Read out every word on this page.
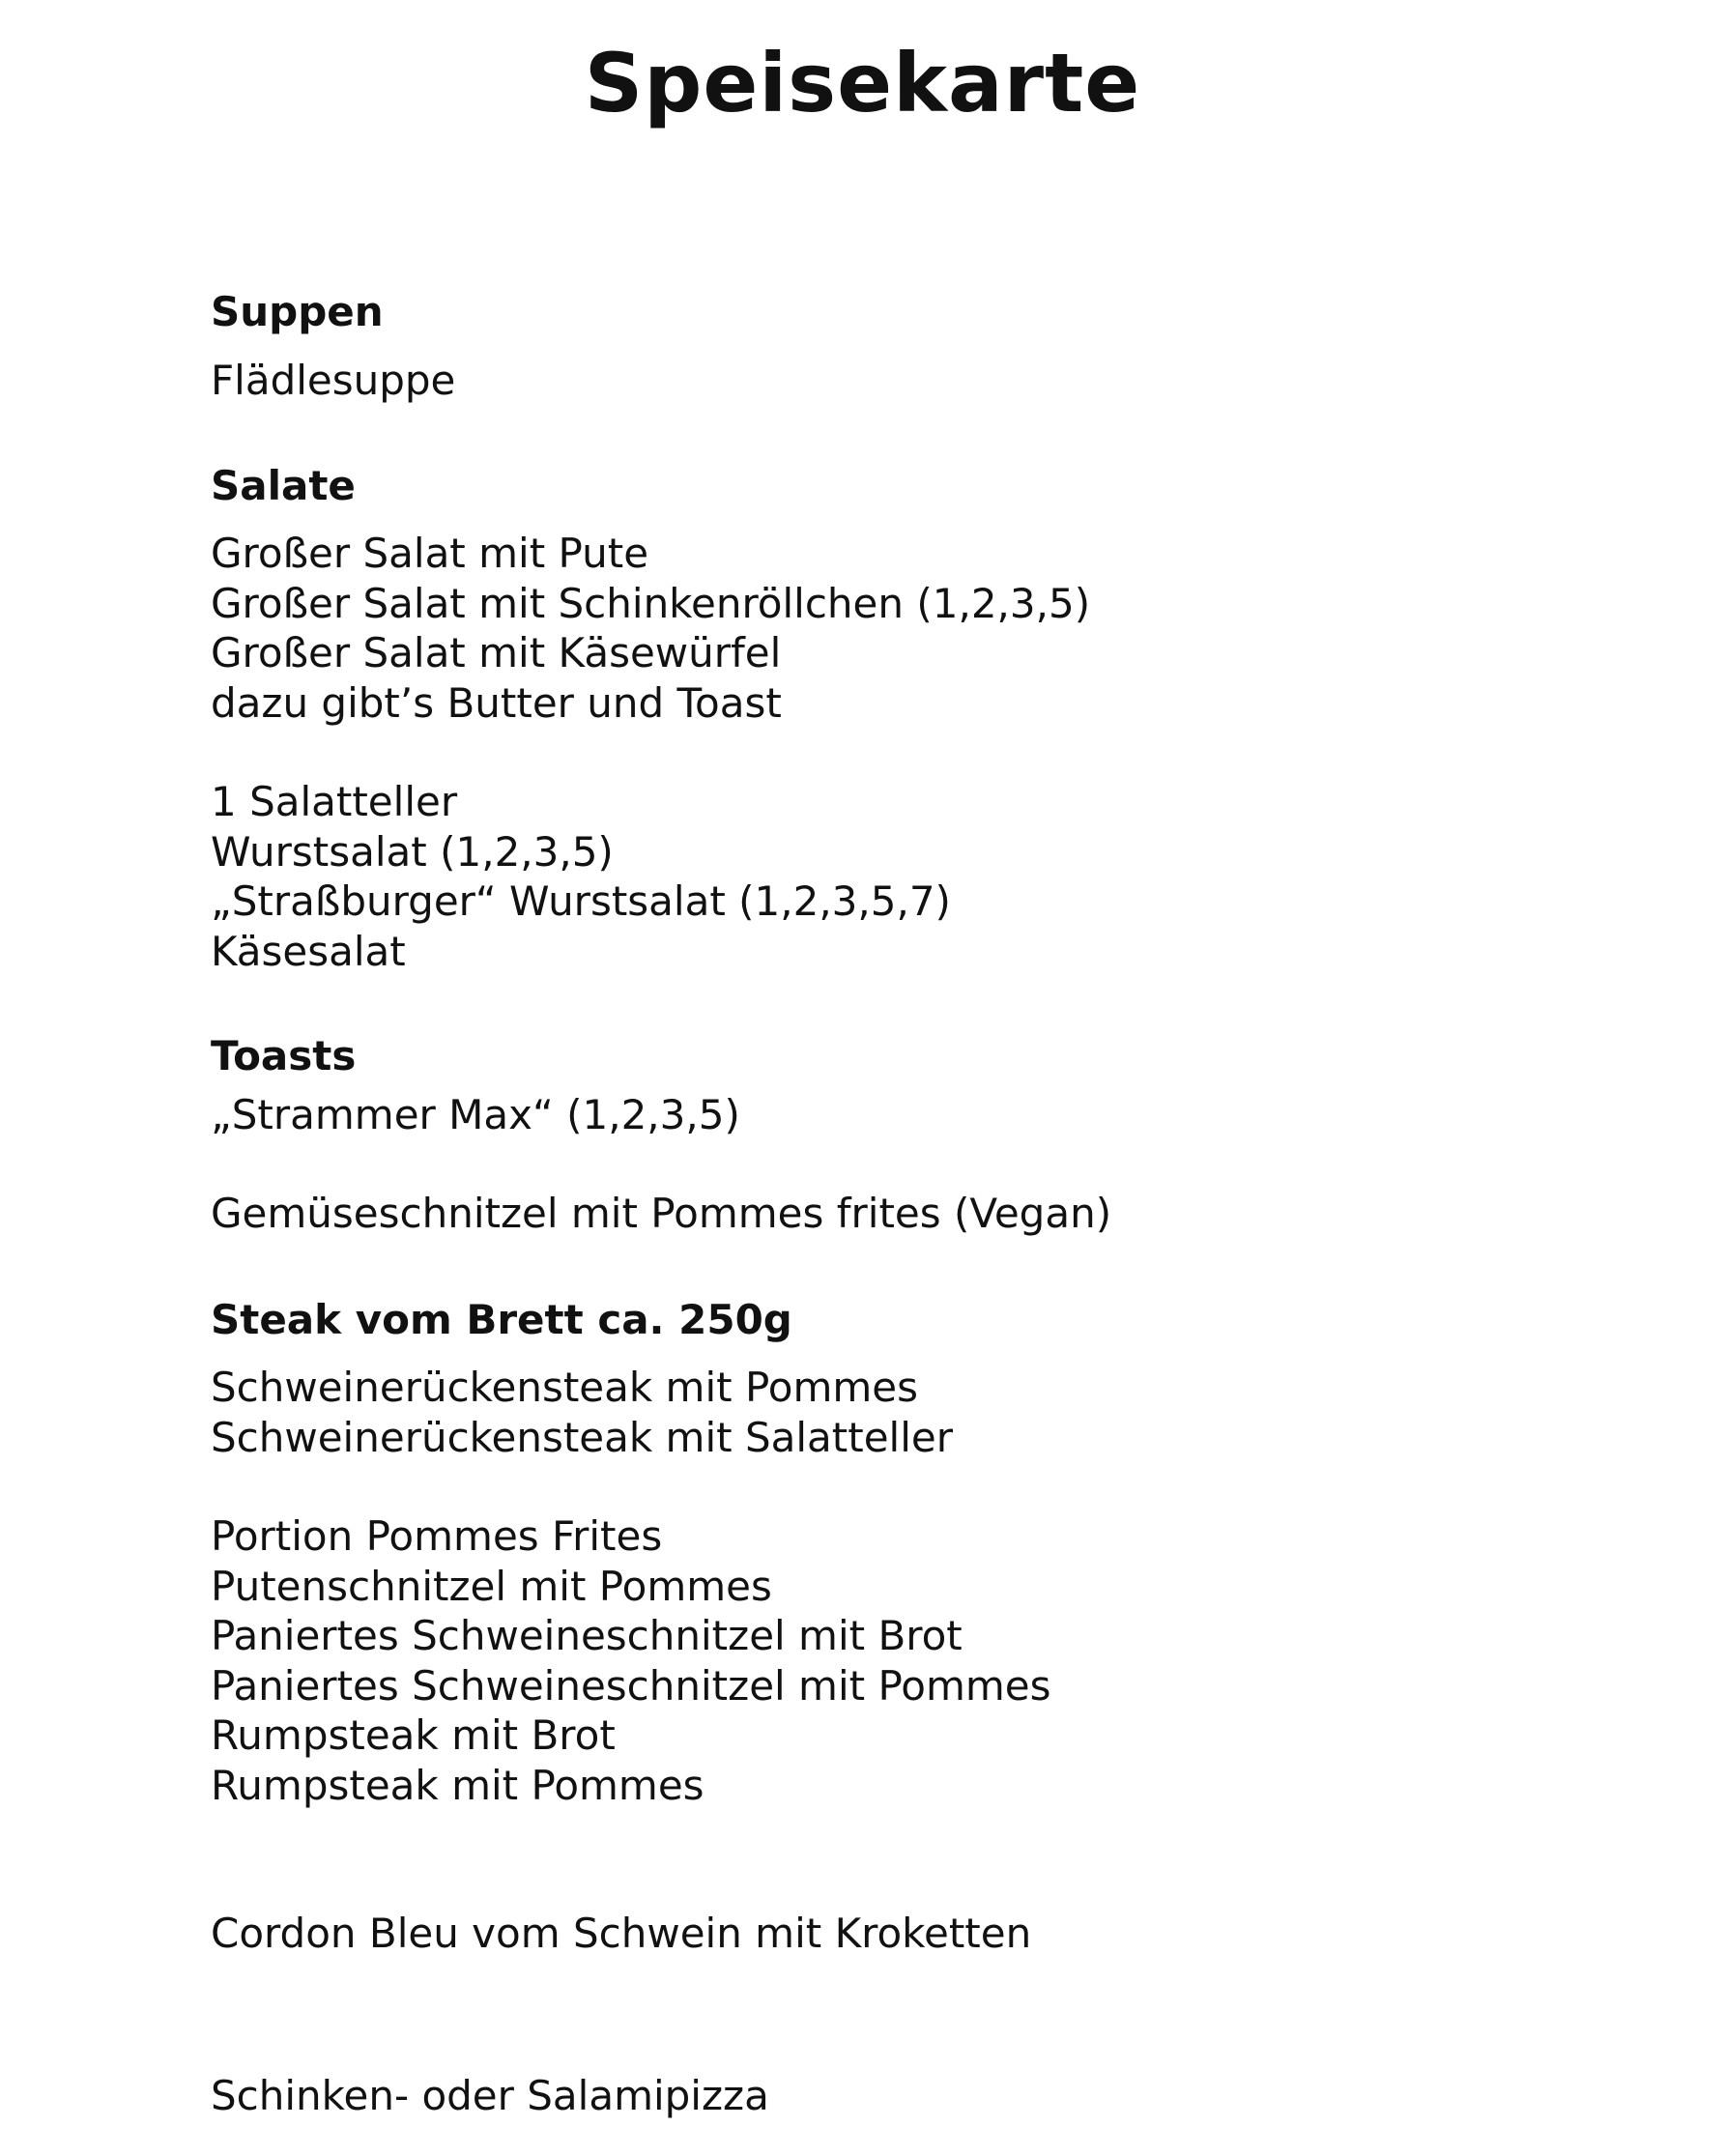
Speisekarte
Suppen
Flädlesuppe
Salate
Großer Salat mit Pute
Großer Salat mit Schinkenröllchen (1,2,3,5)
Großer Salat mit Käsewürfel
dazu gibt’s Butter und Toast
1 Salatteller
Wurstsalat (1,2,3,5)
„Straßburger“ Wurstsalat (1,2,3,5,7)
Käsesalat
Toasts
„Strammer Max“ (1,2,3,5)
Gemüseschnitzel mit Pommes frites (Vegan)
Steak vom Brett ca. 250g
Schweinerückensteak mit Pommes
Schweinerückensteak mit Salatteller
Portion Pommes Frites
Putenschnitzel mit Pommes
Paniertes Schweineschnitzel mit Brot
Paniertes Schweineschnitzel mit Pommes
Rumpsteak mit Brot
Rumpsteak mit Pommes
Cordon Bleu vom Schwein mit Kroketten
Schinken- oder Salamipizza
